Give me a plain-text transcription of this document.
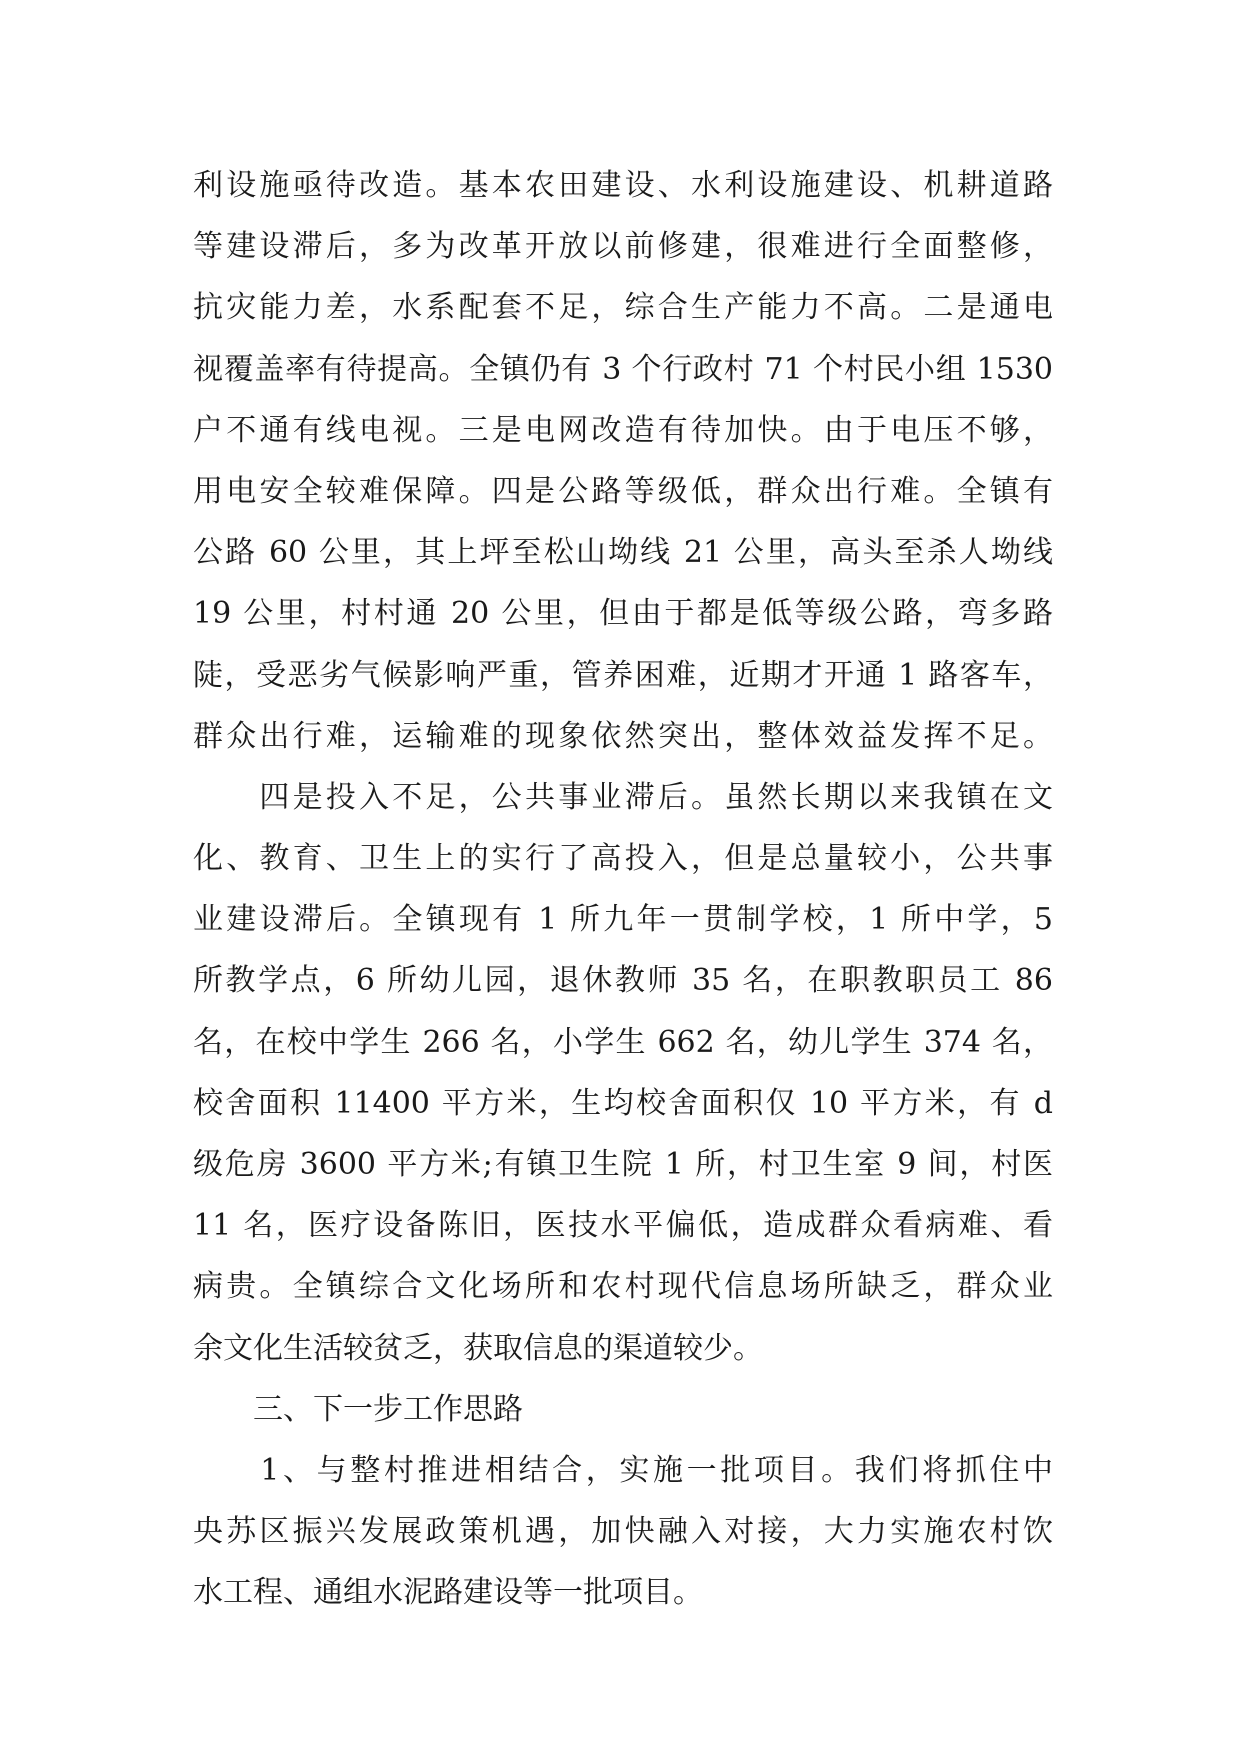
利设施亟待改造。基本农田建设、水利设施建设、机耕道路
等建设滞后，多为改革开放以前修建，很难进行全面整修，
抗灾能力差，水系配套不足，综合生产能力不高。二是通电
视覆盖率有待提高。全镇仍有 3 个行政村 71 个村民小组 1530
户不通有线电视。三是电网改造有待加快。由于电压不够，
用电安全较难保障。四是公路等级低，群众出行难。全镇有
公路 60 公里，其上坪至松山坳线 21 公里，高头至杀人坳线
19 公里，村村通 20 公里，但由于都是低等级公路，弯多路
陡，受恶劣气候影响严重，管养困难，近期才开通 1 路客车，
群众出行难，运输难的现象依然突出，整体效益发挥不足。
　　四是投入不足，公共事业滞后。虽然长期以来我镇在文
化、教育、卫生上的实行了高投入，但是总量较小，公共事
业建设滞后。全镇现有 1 所九年一贯制学校，1 所中学，5
所教学点，6 所幼儿园，退休教师 35 名，在职教职员工 86
名，在校中学生 266 名，小学生 662 名，幼儿学生 374 名，
校舍面积 11400 平方米，生均校舍面积仅 10 平方米，有 d
级危房 3600 平方米;有镇卫生院 1 所，村卫生室 9 间，村医
11 名，医疗设备陈旧，医技水平偏低，造成群众看病难、看
病贵。全镇综合文化场所和农村现代信息场所缺乏，群众业
余文化生活较贫乏，获取信息的渠道较少。
　　三、下一步工作思路
　　1、与整村推进相结合，实施一批项目。我们将抓住中
央苏区振兴发展政策机遇，加快融入对接，大力实施农村饮
水工程、通组水泥路建设等一批项目。
